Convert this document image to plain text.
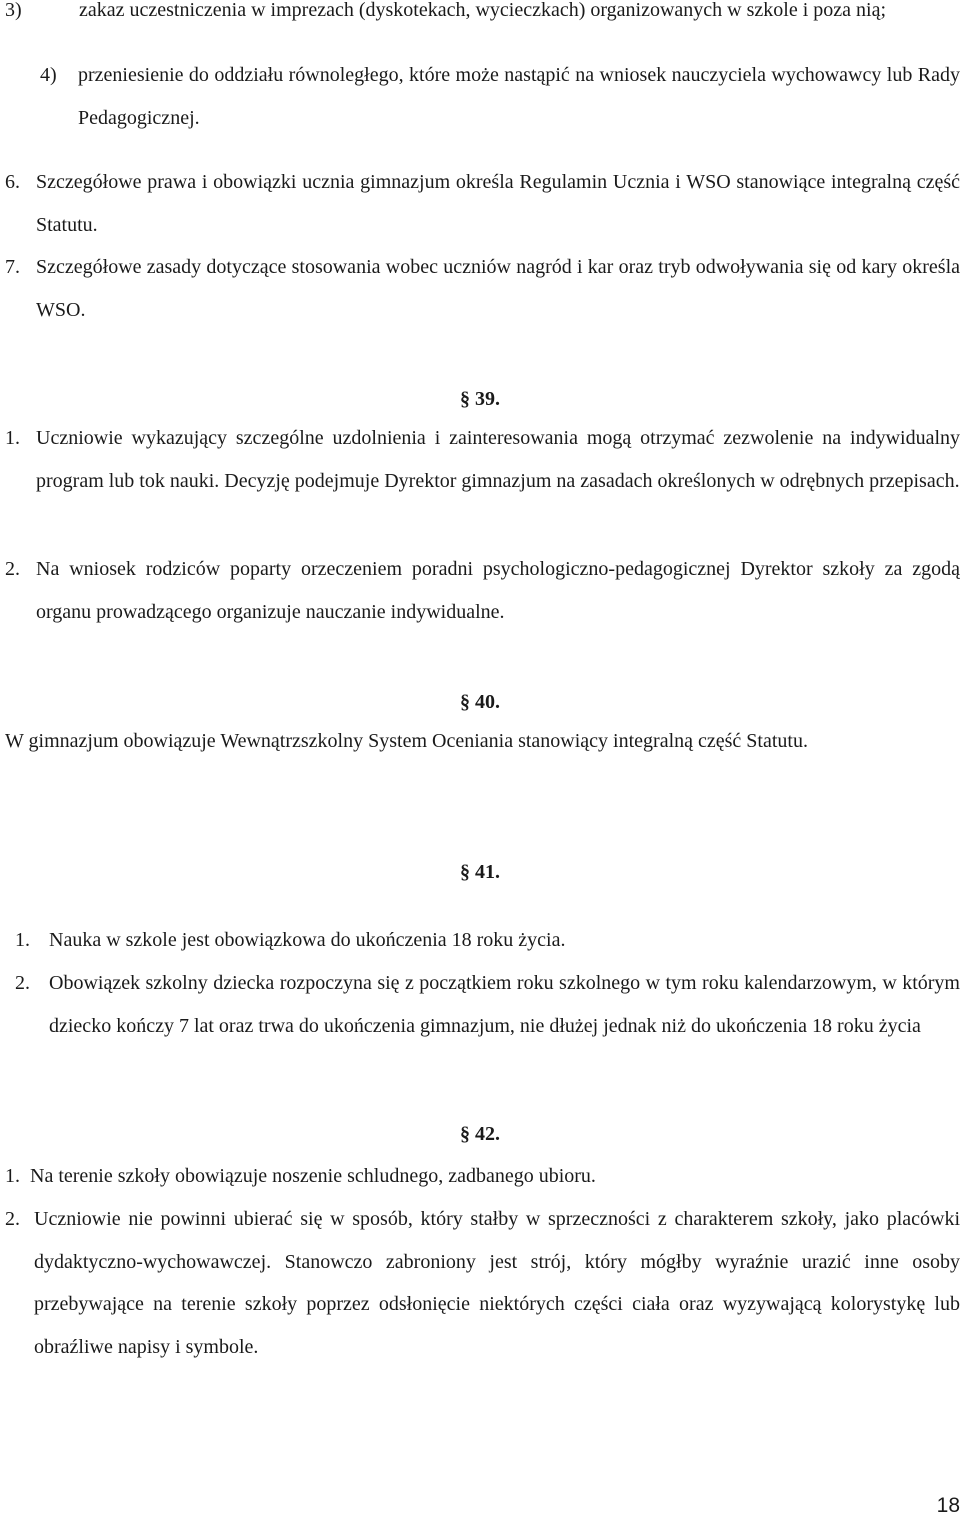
3)	zakaz uczestniczenia w imprezach (dyskotekach, wycieczkach) organizowanych w szkole i poza nią;

4) przeniesienie do oddziału równoległego, które może nastąpić na wniosek nauczyciela wychowawcy lub Rady Pedagogicznej.

6. Szczegółowe prawa i obowiązki ucznia gimnazjum określa Regulamin Ucznia i WSO stanowiące integralną część Statutu.

7. Szczegółowe zasady dotyczące stosowania wobec uczniów nagród i kar oraz tryb odwoływania się od kary określa WSO.

§ 39.

1. Uczniowie wykazujący szczególne uzdolnienia i zainteresowania mogą otrzymać zezwolenie na indywidualny program lub tok nauki. Decyzję podejmuje Dyrektor gimnazjum na zasadach określonych w odrębnych przepisach.

2. Na wniosek rodziców poparty orzeczeniem poradni psychologiczno-pedagogicznej Dyrektor szkoły za zgodą organu prowadzącego organizuje nauczanie indywidualne.

§ 40.

W gimnazjum obowiązuje Wewnątrzszkolny System Oceniania stanowiący integralną część Statutu.

§ 41.

1. Nauka w szkole jest obowiązkowa do ukończenia 18 roku życia.

2. Obowiązek szkolny dziecka rozpoczyna się z początkiem roku szkolnego w tym roku kalendarzowym, w którym dziecko kończy 7 lat oraz trwa do ukończenia gimnazjum, nie dłużej jednak niż do ukończenia 18 roku życia

§ 42.

1. Na terenie szkoły obowiązuje noszenie schludnego, zadbanego ubioru.

2. Uczniowie nie powinni ubierać się w sposób, który stałby w sprzeczności z charakterem szkoły, jako placówki dydaktyczno-wychowawczej. Stanowczo zabroniony jest strój, który mógłby wyraźnie urazić inne osoby przebywające na terenie szkoły poprzez odsłonięcie niektórych części ciała oraz wyzywającą kolorystykę lub obraźliwe napisy i symbole.

18
